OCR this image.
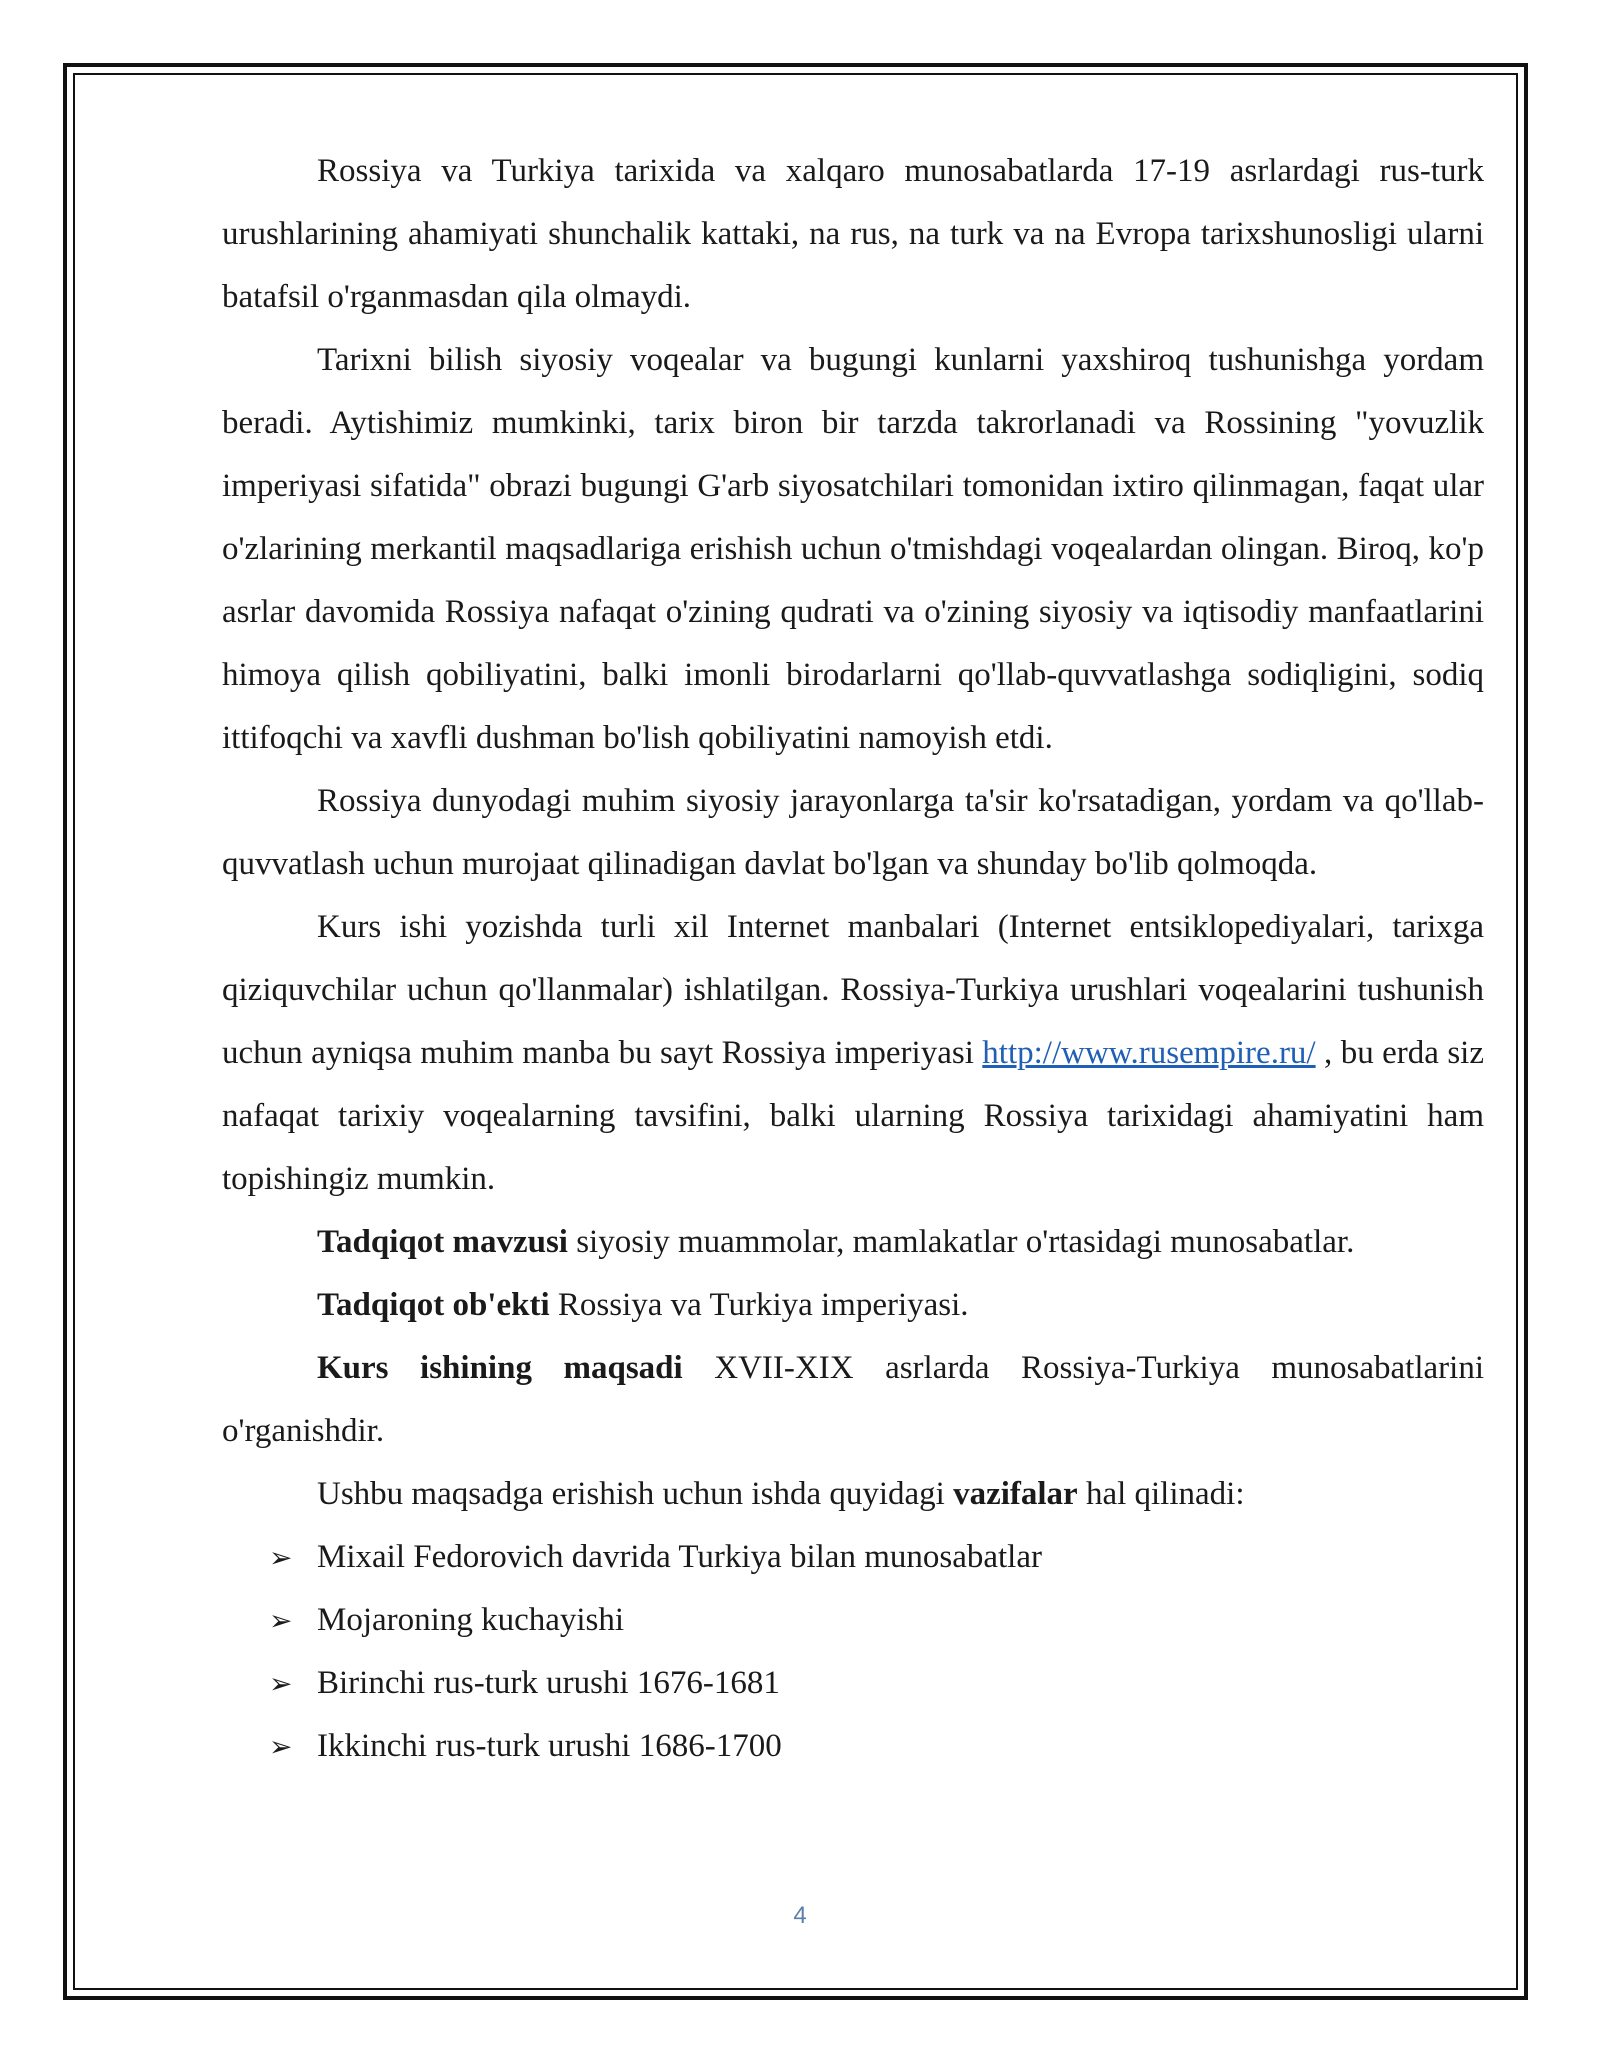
Rossiya va Turkiya tarixida va xalqaro munosabatlarda 17-19 asrlardagi rus-turk urushlarining ahamiyati shunchalik kattaki, na rus, na turk va na Evropa tarixshunosligi ularni batafsil o'rganmasdan qila olmaydi.

Tarixni bilish siyosiy voqealar va bugungi kunlarni yaxshiroq tushunishga yordam beradi. Aytishimiz mumkinki, tarix biron bir tarzda takrorlanadi va Rossining "yovuzlik imperiyasi sifatida" obrazi bugungi G'arb siyosatchilari tomonidan ixtiro qilinmagan, faqat ular o'zlarining merkantil maqsadlariga erishish uchun o'tmishdagi voqealardan olingan. Biroq, ko'p asrlar davomida Rossiya nafaqat o'zining qudrati va o'zining siyosiy va iqtisodiy manfaatlarini himoya qilish qobiliyatini, balki imonli birodarlarni qo'llab-quvvatlashga sodiqligini, sodiq ittifoqchi va xavfli dushman bo'lish qobiliyatini namoyish etdi.

Rossiya dunyodagi muhim siyosiy jarayonlarga ta'sir ko'rsatadigan, yordam va qo'llab-quvvatlash uchun murojaat qilinadigan davlat bo'lgan va shunday bo'lib qolmoqda.

Kurs ishi yozishda turli xil Internet manbalari (Internet entsiklopediyalari, tarixga qiziquvchilar uchun qo'llanmalar) ishlatilgan. Rossiya-Turkiya urushlari voqealarini tushunish uchun ayniqsa muhim manba bu sayt Rossiya imperiyasi http://www.rusempire.ru/ , bu erda siz nafaqat tarixiy voqealarning tavsifini, balki ularning Rossiya tarixidagi ahamiyatini ham topishingiz mumkin.

Tadqiqot mavzusi siyosiy muammolar, mamlakatlar o'rtasidagi munosabatlar.

Tadqiqot ob'ekti Rossiya va Turkiya imperiyasi.

Kurs ishining maqsadi XVII-XIX asrlarda Rossiya-Turkiya munosabatlarini o'rganishdir.

Ushbu maqsadga erishish uchun ishda quyidagi vazifalar hal qilinadi:

➢ Mixail Fedorovich davrida Turkiya bilan munosabatlar
➢ Mojaroning kuchayishi
➢ Birinchi rus-turk urushi 1676-1681
➢ Ikkinchi rus-turk urushi 1686-1700
4
